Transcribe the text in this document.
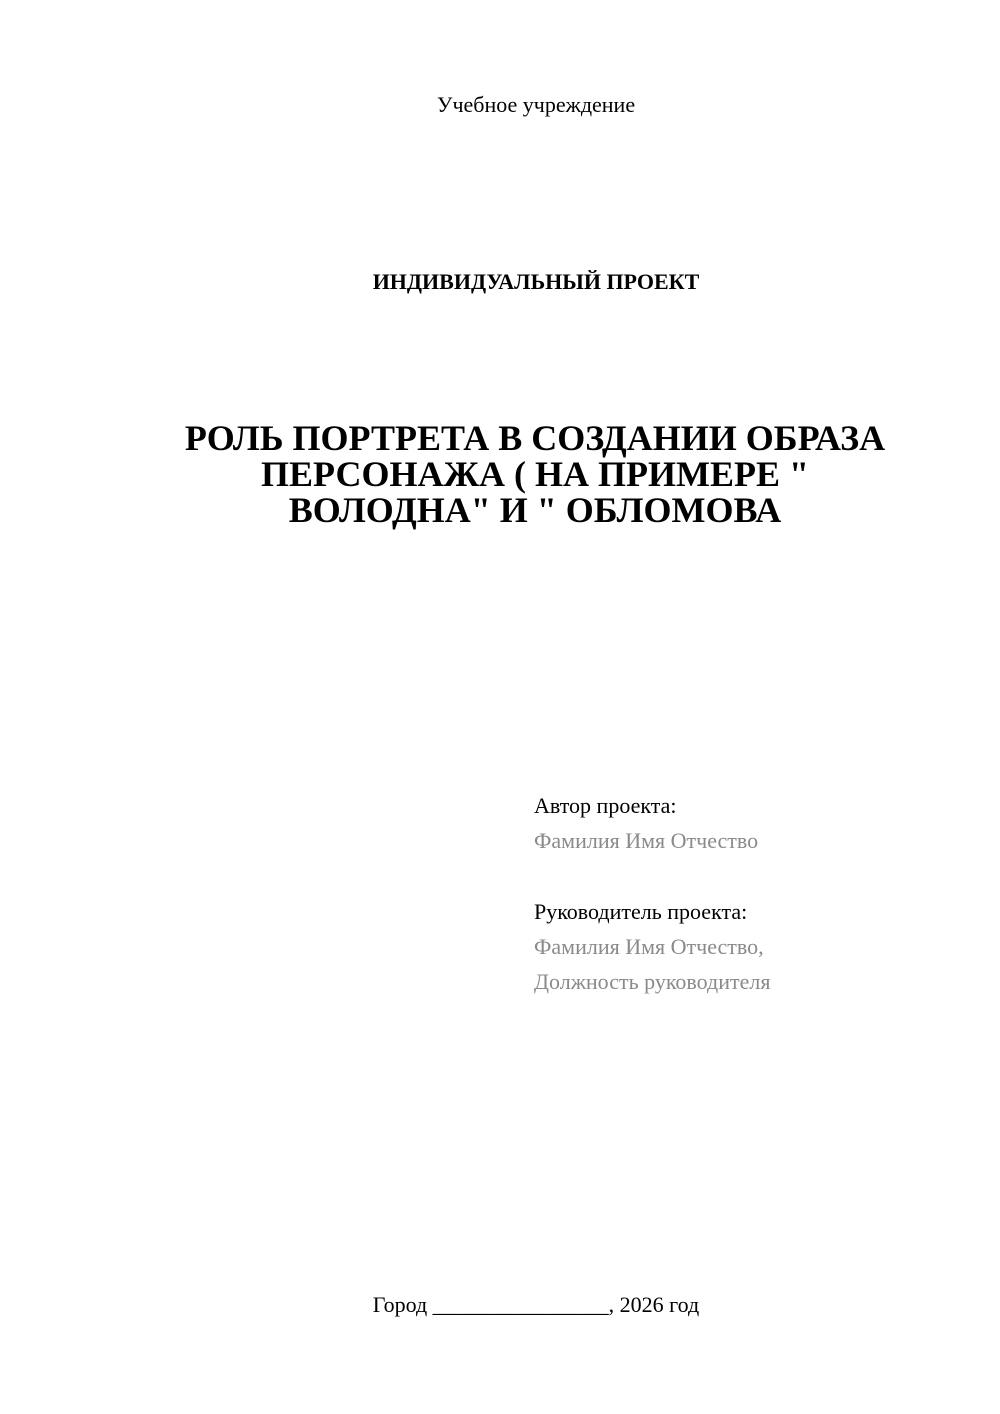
Учебное учреждение
ИНДИВИДУАЛЬНЫЙ ПРОЕКТ
РОЛЬ ПОРТРЕТА В СОЗДАНИИ ОБРАЗА
ПЕРСОНАЖА ( НА ПРИМЕРЕ "
ВОЛОДНА" И " ОБЛОМОВА
Автор проекта:
Фамилия Имя Отчество
Руководитель проекта:
Фамилия Имя Отчество,
Должность руководителя
Город ________________, 2026 год
